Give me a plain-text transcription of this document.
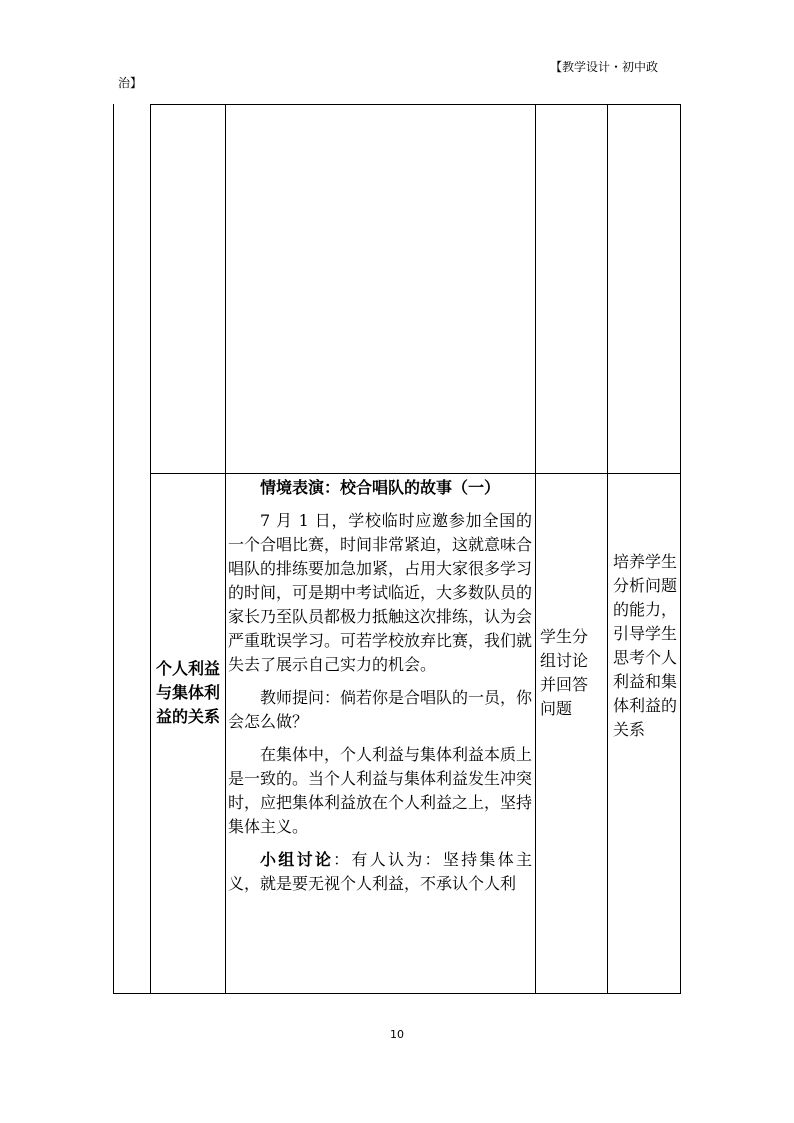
【教学设计・初中政
治】
个人利益与集体利益的关系

情境表演：校合唱队的故事（一）

7 月 1 日，学校临时应邀参加全国的一个合唱比赛，时间非常紧迫，这就意味合唱队的排练要加急加紧，占用大家很多学习的时间，可是期中考试临近，大多数队员的家长乃至队员都极力抵触这次排练，认为会严重耽误学习。可若学校放弃比赛，我们就失去了展示自己实力的机会。

教师提问：倘若你是合唱队的一员，你会怎么做？

在集体中，个人利益与集体利益本质上是一致的。当个人利益与集体利益发生冲突时，应把集体利益放在个人利益之上，坚持集体主义。

小组讨论：有人认为：坚持集体主义，就是要无视个人利益，不承认个人利

学生分组讨论并回答问题
培养学生分析问题的能力，引导学生思考个人利益和集体利益的关系
10
